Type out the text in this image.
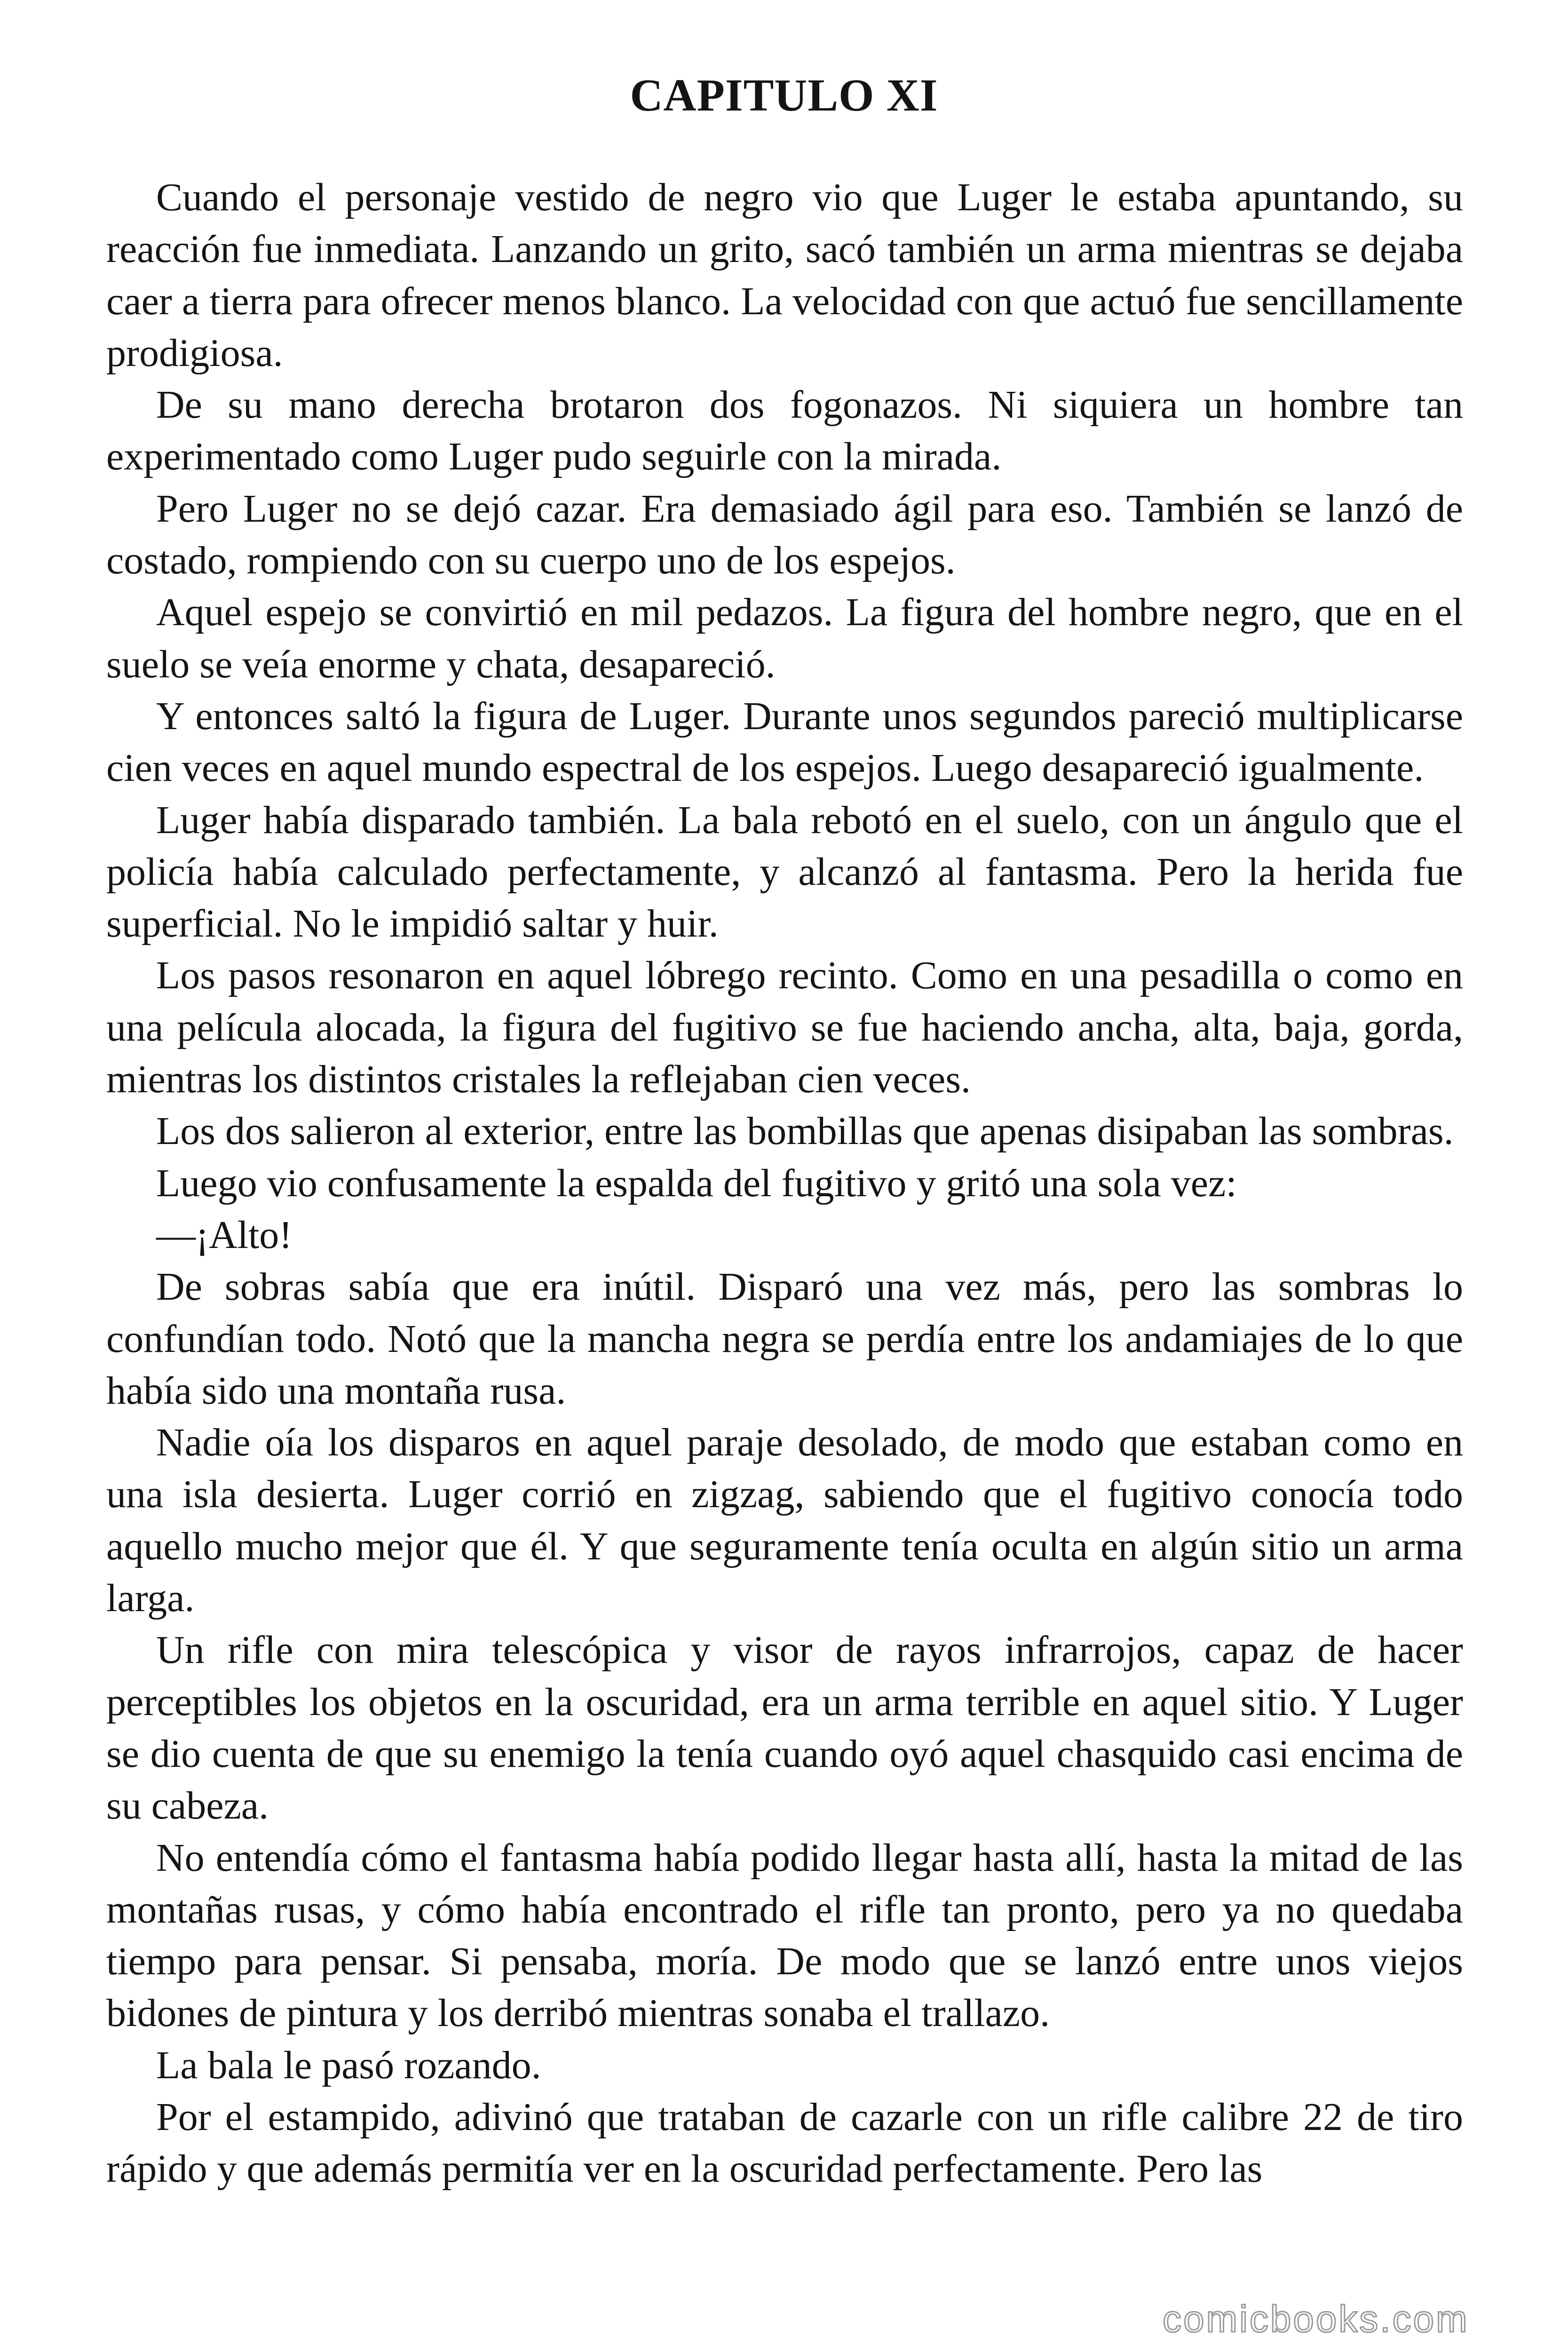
CAPITULO XI

Cuando el personaje vestido de negro vio que Luger le estaba apuntando, su reacción fue inmediata. Lanzando un grito, sacó también un arma mientras se dejaba caer a tierra para ofrecer menos blanco. La velocidad con que actuó fue sencillamente prodigiosa.

De su mano derecha brotaron dos fogonazos. Ni siquiera un hombre tan experimentado como Luger pudo seguirle con la mirada.

Pero Luger no se dejó cazar. Era demasiado ágil para eso. También se lanzó de costado, rompiendo con su cuerpo uno de los espejos.

Aquel espejo se convirtió en mil pedazos. La figura del hombre negro, que en el suelo se veía enorme y chata, desapareció.

Y entonces saltó la figura de Luger. Durante unos segundos pareció multiplicarse cien veces en aquel mundo espectral de los espejos. Luego desapareció igualmente.

Luger había disparado también. La bala rebotó en el suelo, con un ángulo que el policía había calculado perfectamente, y alcanzó al fantasma. Pero la herida fue superficial. No le impidió saltar y huir.

Los pasos resonaron en aquel lóbrego recinto. Como en una pesadilla o como en una película alocada, la figura del fugitivo se fue haciendo ancha, alta, baja, gorda, mientras los distintos cristales la reflejaban cien veces.

Los dos salieron al exterior, entre las bombillas que apenas disipaban las sombras.

Luego vio confusamente la espalda del fugitivo y gritó una sola vez:

—¡Alto!

De sobras sabía que era inútil. Disparó una vez más, pero las sombras lo confundían todo. Notó que la mancha negra se perdía entre los andamiajes de lo que había sido una montaña rusa.

Nadie oía los disparos en aquel paraje desolado, de modo que estaban como en una isla desierta. Luger corrió en zigzag, sabiendo que el fugitivo conocía todo aquello mucho mejor que él. Y que seguramente tenía oculta en algún sitio un arma larga.

Un rifle con mira telescópica y visor de rayos infrarrojos, capaz de hacer perceptibles los objetos en la oscuridad, era un arma terrible en aquel sitio. Y Luger se dio cuenta de que su enemigo la tenía cuando oyó aquel chasquido casi encima de su cabeza.

No entendía cómo el fantasma había podido llegar hasta allí, hasta la mitad de las montañas rusas, y cómo había encontrado el rifle tan pronto, pero ya no quedaba tiempo para pensar. Si pensaba, moría. De modo que se lanzó entre unos viejos bidones de pintura y los derribó mientras sonaba el trallazo.

La bala le pasó rozando.

Por el estampido, adivinó que trataban de cazarle con un rifle calibre 22 de tiro rápido y que además permitía ver en la oscuridad perfectamente. Pero las

comicbooks.com
